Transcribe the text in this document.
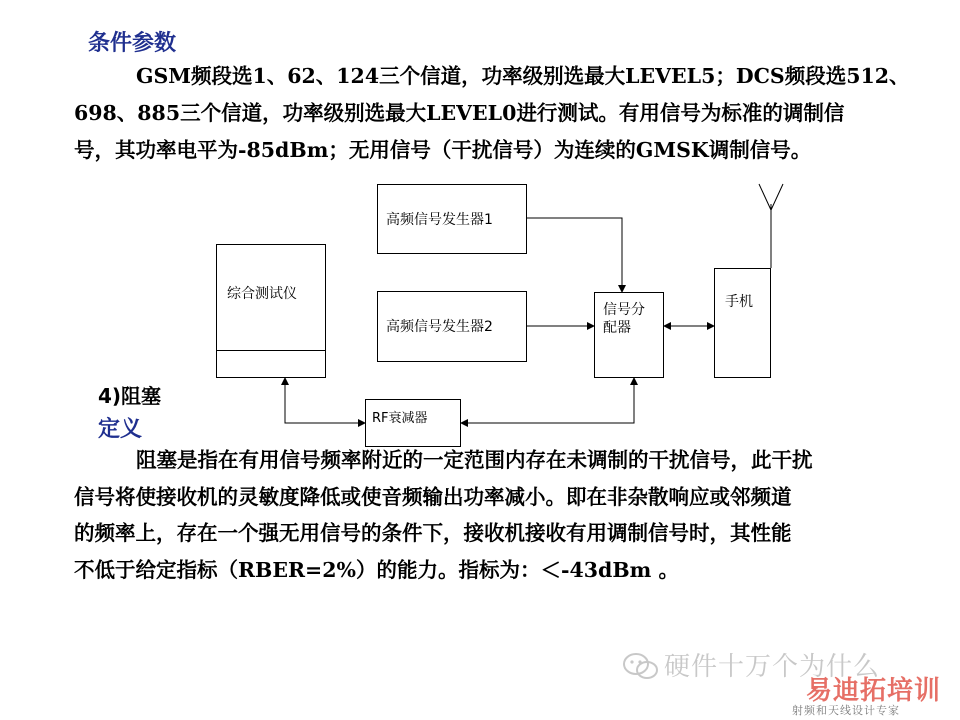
条件参数
GSM频段选1、62、124三个信道，功率级别选最大LEVEL5；DCS频段选512、
698、885三个信道，功率级别选最大LEVEL0进行测试。有用信号为标准的调制信
号，其功率电平为-85dBm；无用信号（干扰信号）为连续的GMSK调制信号。
综合测试仪
高频信号发生器1
高频信号发生器2
信号分
配器
手机
RF衰减器
4)阻塞
定义
阻塞是指在有用信号频率附近的一定范围内存在未调制的干扰信号，此干扰
信号将使接收机的灵敏度降低或使音频输出功率减小。即在非杂散响应或邻频道
的频率上，存在一个强无用信号的条件下，接收机接收有用调制信号时，其性能
不低于给定指标（RBER=2%）的能力。指标为：＜-43dBm 。
硬件十万个为什么
易迪拓培训
射频和天线设计专家
